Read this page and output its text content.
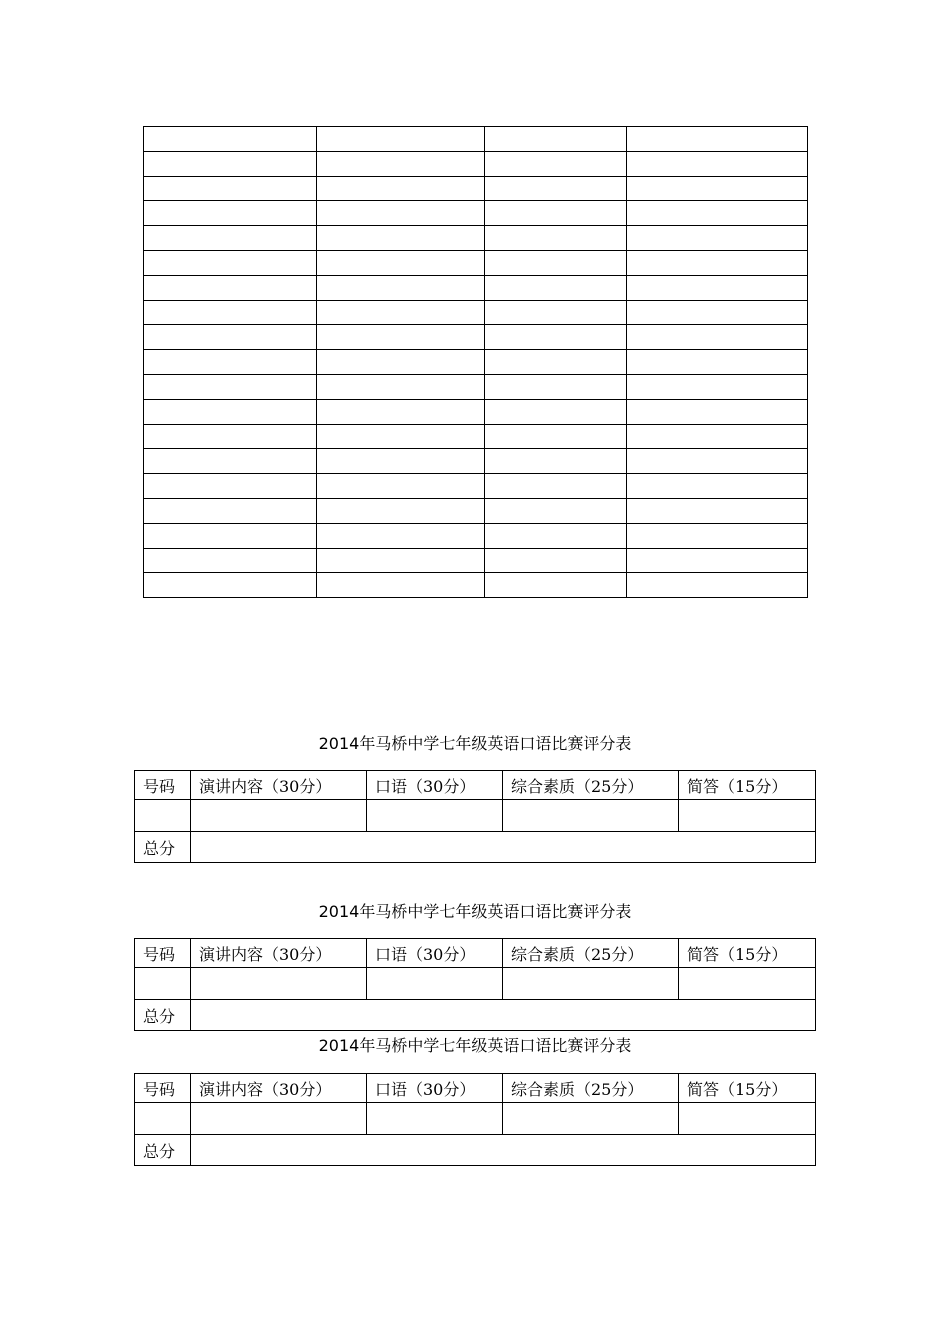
2014年马桥中学七年级英语口语比赛评分表
号码	演讲内容（30分）	口语（30分）	综合素质（25分）	简答（15分）

总分				
2014年马桥中学七年级英语口语比赛评分表
号码	演讲内容（30分）	口语（30分）	综合素质（25分）	简答（15分）

总分				
2014年马桥中学七年级英语口语比赛评分表
号码	演讲内容（30分）	口语（30分）	综合素质（25分）	简答（15分）

总分				
